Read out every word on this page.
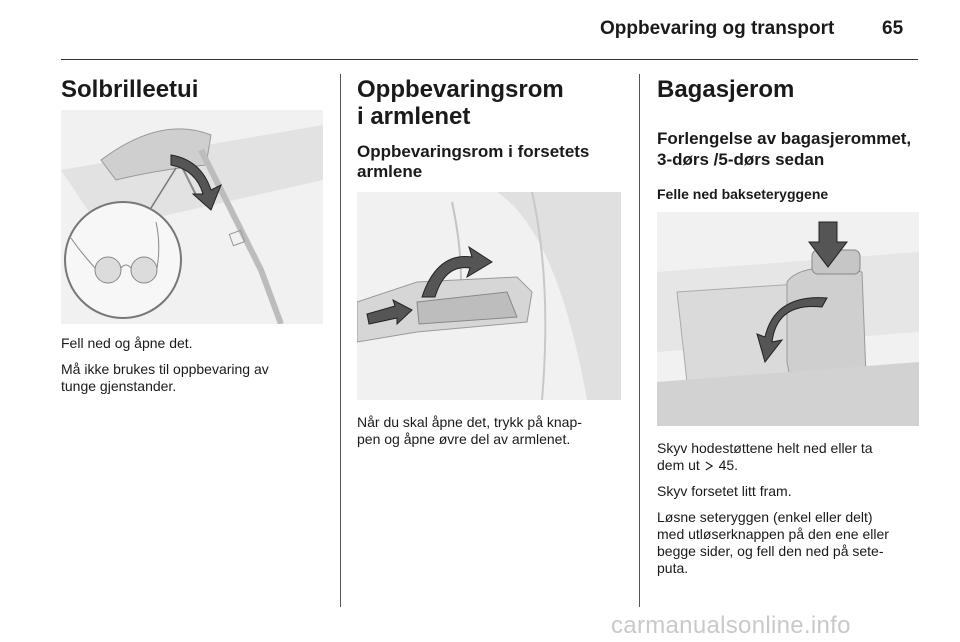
Oppbevaring og transport	65
Solbrilleetui

Fell ned og åpne det.

Må ikke brukes til oppbevaring av

tunge gjenstander.

Oppbevaringsrom
i armlenet
Oppbevaringsrom i forsetets
armlene

Når du skal åpne det, trykk på knap-

pen og åpne øvre del av armlenet.

Bagasjerom
Forlengelse av bagasjerommet,
3-dørs /5-dørs sedan
Felle ned bakseteryggene

Skyv hodestøttene helt ned eller ta

dem ut 45.

Skyv forsetet litt fram.

Løsne seteryggen (enkel eller delt)

med utløserknappen på den ene eller

begge sider, og fell den ned på sete-

puta.

carmanualsonline.info
